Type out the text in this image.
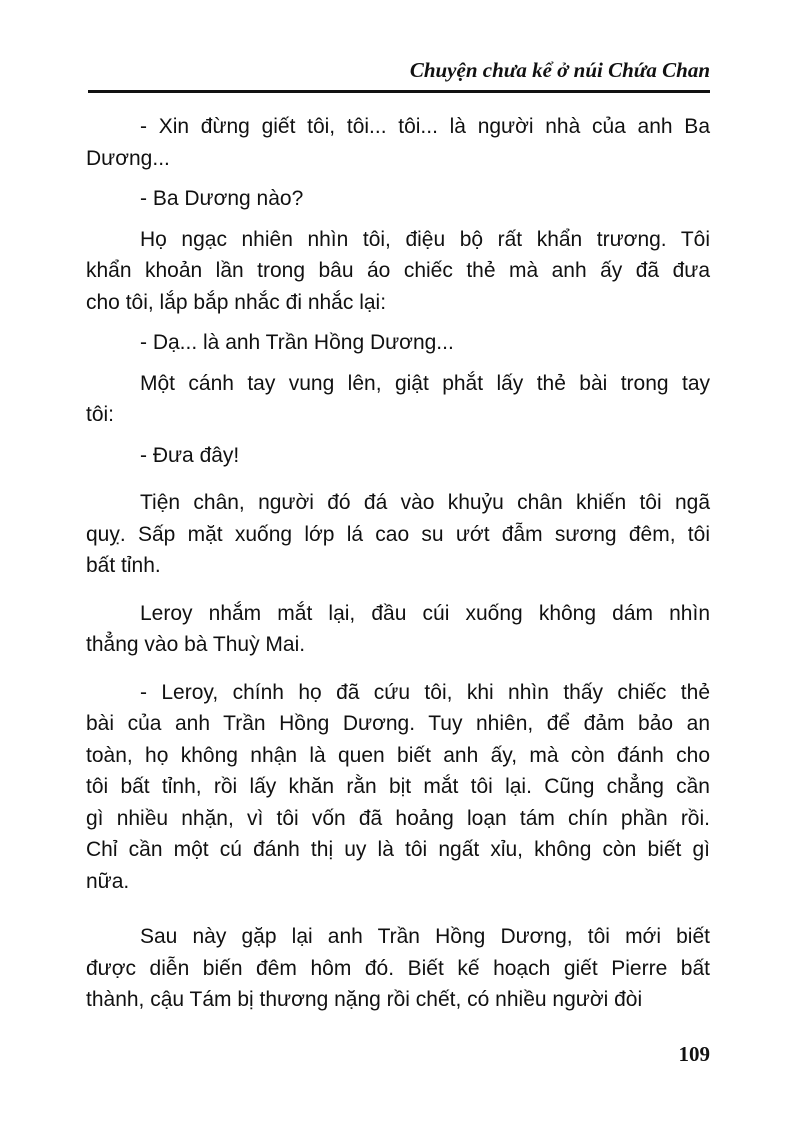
Chuyện chưa kể ở núi Chứa Chan
- Xin đừng giết tôi, tôi... tôi... là người nhà của anh Ba
Dương...
- Ba Dương nào?
Họ ngạc nhiên nhìn tôi, điệu bộ rất khẩn trương. Tôi
khẩn khoản lần trong bâu áo chiếc thẻ mà anh ấy đã đưa
cho tôi, lắp bắp nhắc đi nhắc lại:
- Dạ... là anh Trần Hồng Dương...
Một cánh tay vung lên, giật phắt lấy thẻ bài trong tay
tôi:
- Đưa đây!
Tiện chân, người đó đá vào khuỷu chân khiến tôi ngã
quỵ. Sấp mặt xuống lớp lá cao su ướt đẫm sương đêm, tôi
bất tỉnh.
Leroy nhắm mắt lại, đầu cúi xuống không dám nhìn
thẳng vào bà Thuỳ Mai.
- Leroy, chính họ đã cứu tôi, khi nhìn thấy chiếc thẻ
bài của anh Trần Hồng Dương. Tuy nhiên, để đảm bảo an
toàn, họ không nhận là quen biết anh ấy, mà còn đánh cho
tôi bất tỉnh, rồi lấy khăn rằn bịt mắt tôi lại. Cũng chẳng cần
gì nhiều nhặn, vì tôi vốn đã hoảng loạn tám chín phần rồi.
Chỉ cần một cú đánh thị uy là tôi ngất xỉu, không còn biết gì
nữa.
Sau này gặp lại anh Trần Hồng Dương, tôi mới biết
được diễn biến đêm hôm đó. Biết kế hoạch giết Pierre bất
thành, cậu Tám bị thương nặng rồi chết, có nhiều người đòi
109
